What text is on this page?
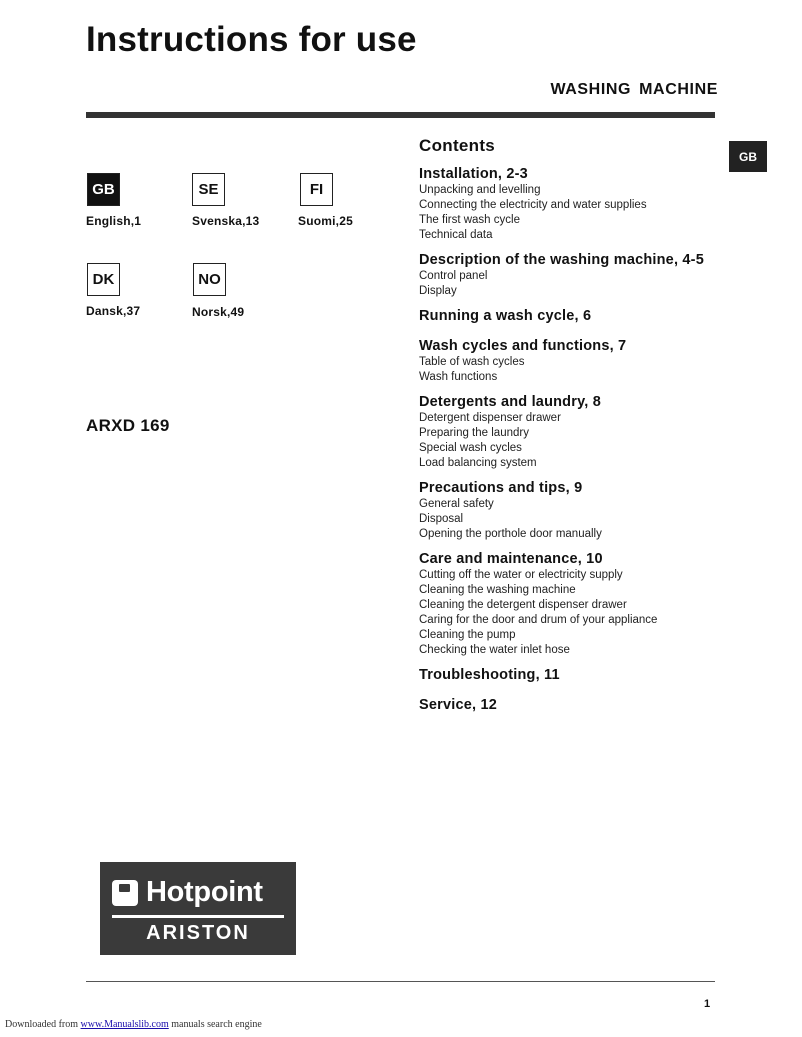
Instructions for use
WASHING MACHINE
GB
GB
English,1
SE
Svenska,13
FI
Suomi,25
DK
Dansk,37
NO
Norsk,49
ARXD 169
Contents
Installation, 2-3
Unpacking and levelling
Connecting the electricity and water supplies
The first wash cycle
Technical data
Description of the washing machine, 4-5
Control panel
Display
Running a wash cycle, 6
Wash cycles and functions, 7
Table of wash cycles
Wash functions
Detergents and laundry, 8
Detergent dispenser drawer
Preparing the laundry
Special wash cycles
Load balancing system
Precautions and tips, 9
General safety
Disposal
Opening the porthole door manually
Care and maintenance, 10
Cutting off the water or electricity supply
Cleaning the washing machine
Cleaning the detergent dispenser drawer
Caring for the door and drum of your appliance
Cleaning the pump
Checking the water inlet hose
Troubleshooting, 11
Service, 12
Hotpoint
ARISTON
1
Downloaded from www.Manualslib.com manuals search engine
